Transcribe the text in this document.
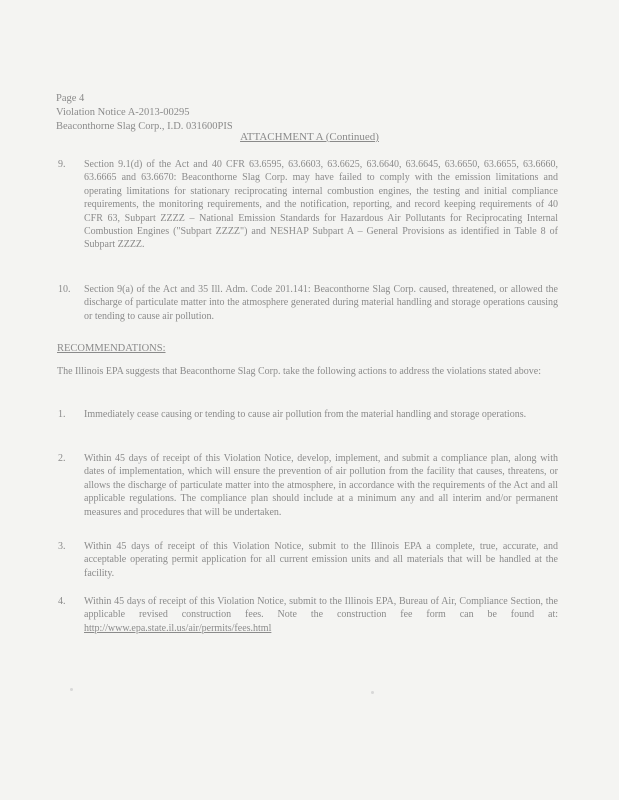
Page 4
Violation Notice A-2013-00295
Beaconthorne Slag Corp., I.D. 031600PIS
ATTACHMENT A (Continued)
9. Section 9.1(d) of the Act and 40 CFR 63.6595, 63.6603, 63.6625, 63.6640, 63.6645, 63.6650, 63.6655, 63.6660, 63.6665 and 63.6670: Beaconthorne Slag Corp. may have failed to comply with the emission limitations and operating limitations for stationary reciprocating internal combustion engines, the testing and initial compliance requirements, the monitoring requirements, and the notification, reporting, and record keeping requirements of 40 CFR 63, Subpart ZZZZ – National Emission Standards for Hazardous Air Pollutants for Reciprocating Internal Combustion Engines ("Subpart ZZZZ") and NESHAP Subpart A – General Provisions as identified in Table 8 of Subpart ZZZZ.
10. Section 9(a) of the Act and 35 Ill. Adm. Code 201.141: Beaconthorne Slag Corp. caused, threatened, or allowed the discharge of particulate matter into the atmosphere generated during material handling and storage operations causing or tending to cause air pollution.
RECOMMENDATIONS:
The Illinois EPA suggests that Beaconthorne Slag Corp. take the following actions to address the violations stated above:
1. Immediately cease causing or tending to cause air pollution from the material handling and storage operations.
2. Within 45 days of receipt of this Violation Notice, develop, implement, and submit a compliance plan, along with dates of implementation, which will ensure the prevention of air pollution from the facility that causes, threatens, or allows the discharge of particulate matter into the atmosphere, in accordance with the requirements of the Act and all applicable regulations. The compliance plan should include at a minimum any and all interim and/or permanent measures and procedures that will be undertaken.
3. Within 45 days of receipt of this Violation Notice, submit to the Illinois EPA a complete, true, accurate, and acceptable operating permit application for all current emission units and all materials that will be handled at the facility.
4. Within 45 days of receipt of this Violation Notice, submit to the Illinois EPA, Bureau of Air, Compliance Section, the applicable revised construction fees. Note the construction fee form can be found at: http://www.epa.state.il.us/air/permits/fees.html
